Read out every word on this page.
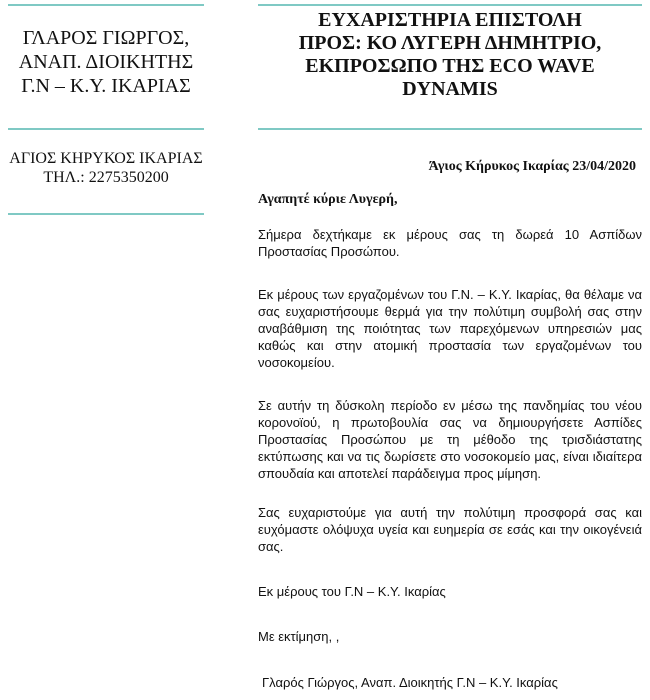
ΓΛΑΡΟΣ ΓΙΩΡΓΟΣ,
ΑΝΑΠ. ΔΙΟΙΚΗΤΗΣ
Γ.Ν – Κ.Υ. ΙΚΑΡΙΑΣ
ΑΓΙΟΣ ΚΗΡΥΚΟΣ ΙΚΑΡΙΑΣ
ΤΗΛ.: 2275350200
ΕΥΧΑΡΙΣΤΗΡΙΑ ΕΠΙΣΤΟΛΗ
ΠΡΟΣ: ΚΟ ΛΥΓΕΡΗ ΔΗΜΗΤΡΙΟ,
ΕΚΠΡΟΣΩΠΟ ΤΗΣ ECO WAVE
DYNAMIS
Άγιος Κήρυκος Ικαρίας 23/04/2020
Αγαπητέ κύριε Λυγερή,
Σήμερα δεχτήκαμε εκ μέρους σας τη δωρεά 10 Ασπίδων Προστασίας Προσώπου.
Εκ μέρους των εργαζομένων του Γ.Ν. – Κ.Υ. Ικαρίας, θα θέλαμε να σας ευχαριστήσουμε θερμά για την πολύτιμη συμβολή σας στην αναβάθμιση της ποιότητας των παρεχόμενων υπηρεσιών μας καθώς και στην ατομική προστασία των εργαζομένων του νοσοκομείου.
Σε αυτήν τη δύσκολη περίοδο εν μέσω της πανδημίας του νέου κορονοϊού, η πρωτοβουλία σας να δημιουργήσετε Ασπίδες Προστασίας Προσώπου με τη μέθοδο της τρισδιάστατης εκτύπωσης και να τις δωρίσετε στο νοσοκομείο μας, είναι ιδιαίτερα σπουδαία και αποτελεί παράδειγμα προς μίμηση.
Σας ευχαριστούμε για αυτή την πολύτιμη προσφορά σας και ευχόμαστε ολόψυχα υγεία και ευημερία σε εσάς και την οικογένειά σας.
Εκ μέρους του Γ.Ν – Κ.Υ. Ικαρίας
Με εκτίμηση, ,
Γλαρός Γιώργος, Αναπ. Διοικητής Γ.Ν – Κ.Υ. Ικαρίας
